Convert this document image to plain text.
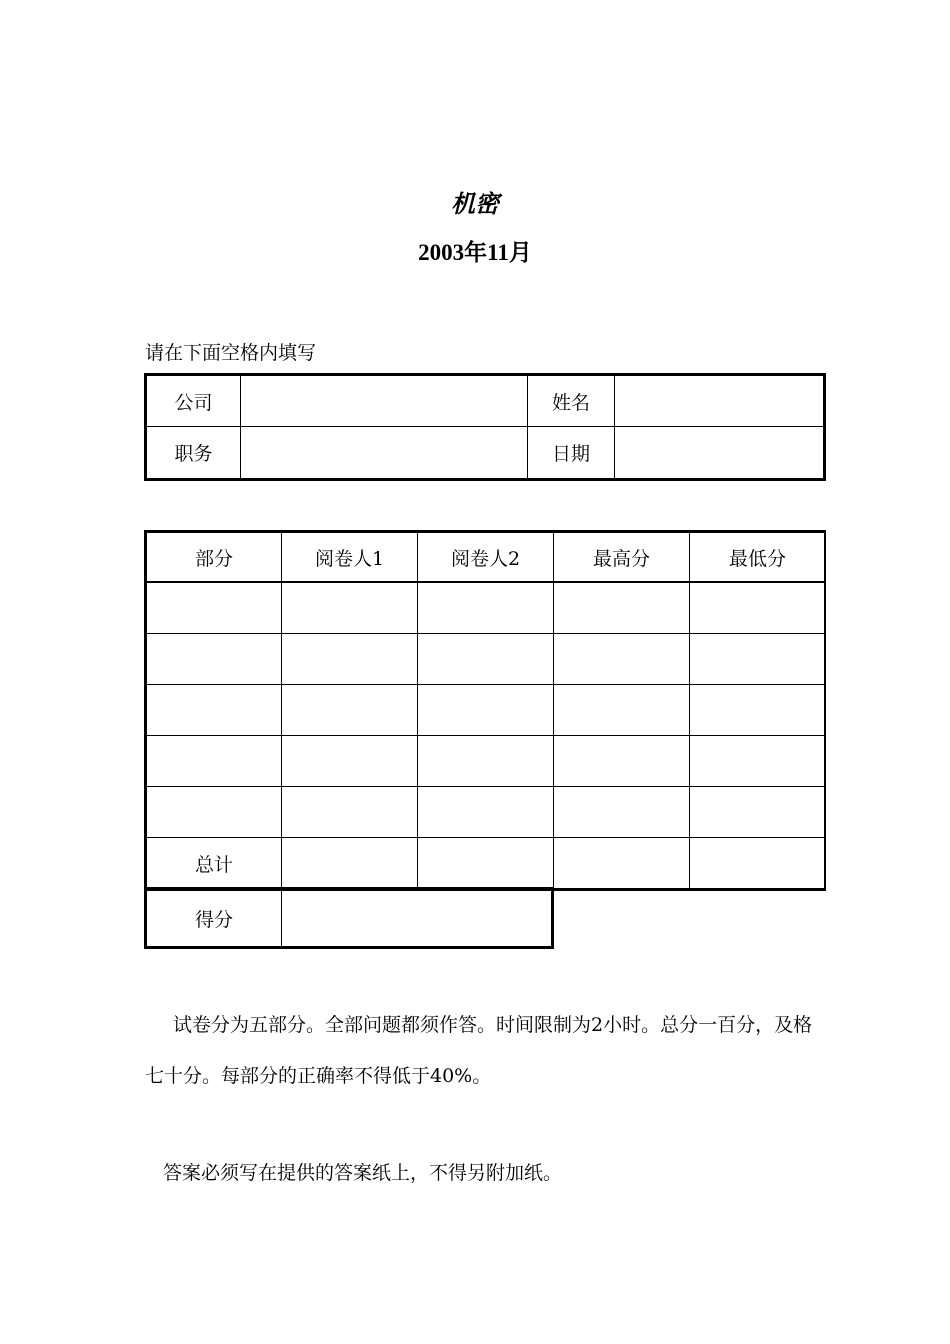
机密
2003年11月
请在下面空格内填写
公司		姓名	
职务		日期	
部分	阅卷人1	阅卷人2	最高分	最低分

总计				
得分	
试卷分为五部分。全部问题都须作答。时间限制为2小时。总分一百分，及格七十分。每部分的正确率不得低于40%。
答案必须写在提供的答案纸上，不得另附加纸。
